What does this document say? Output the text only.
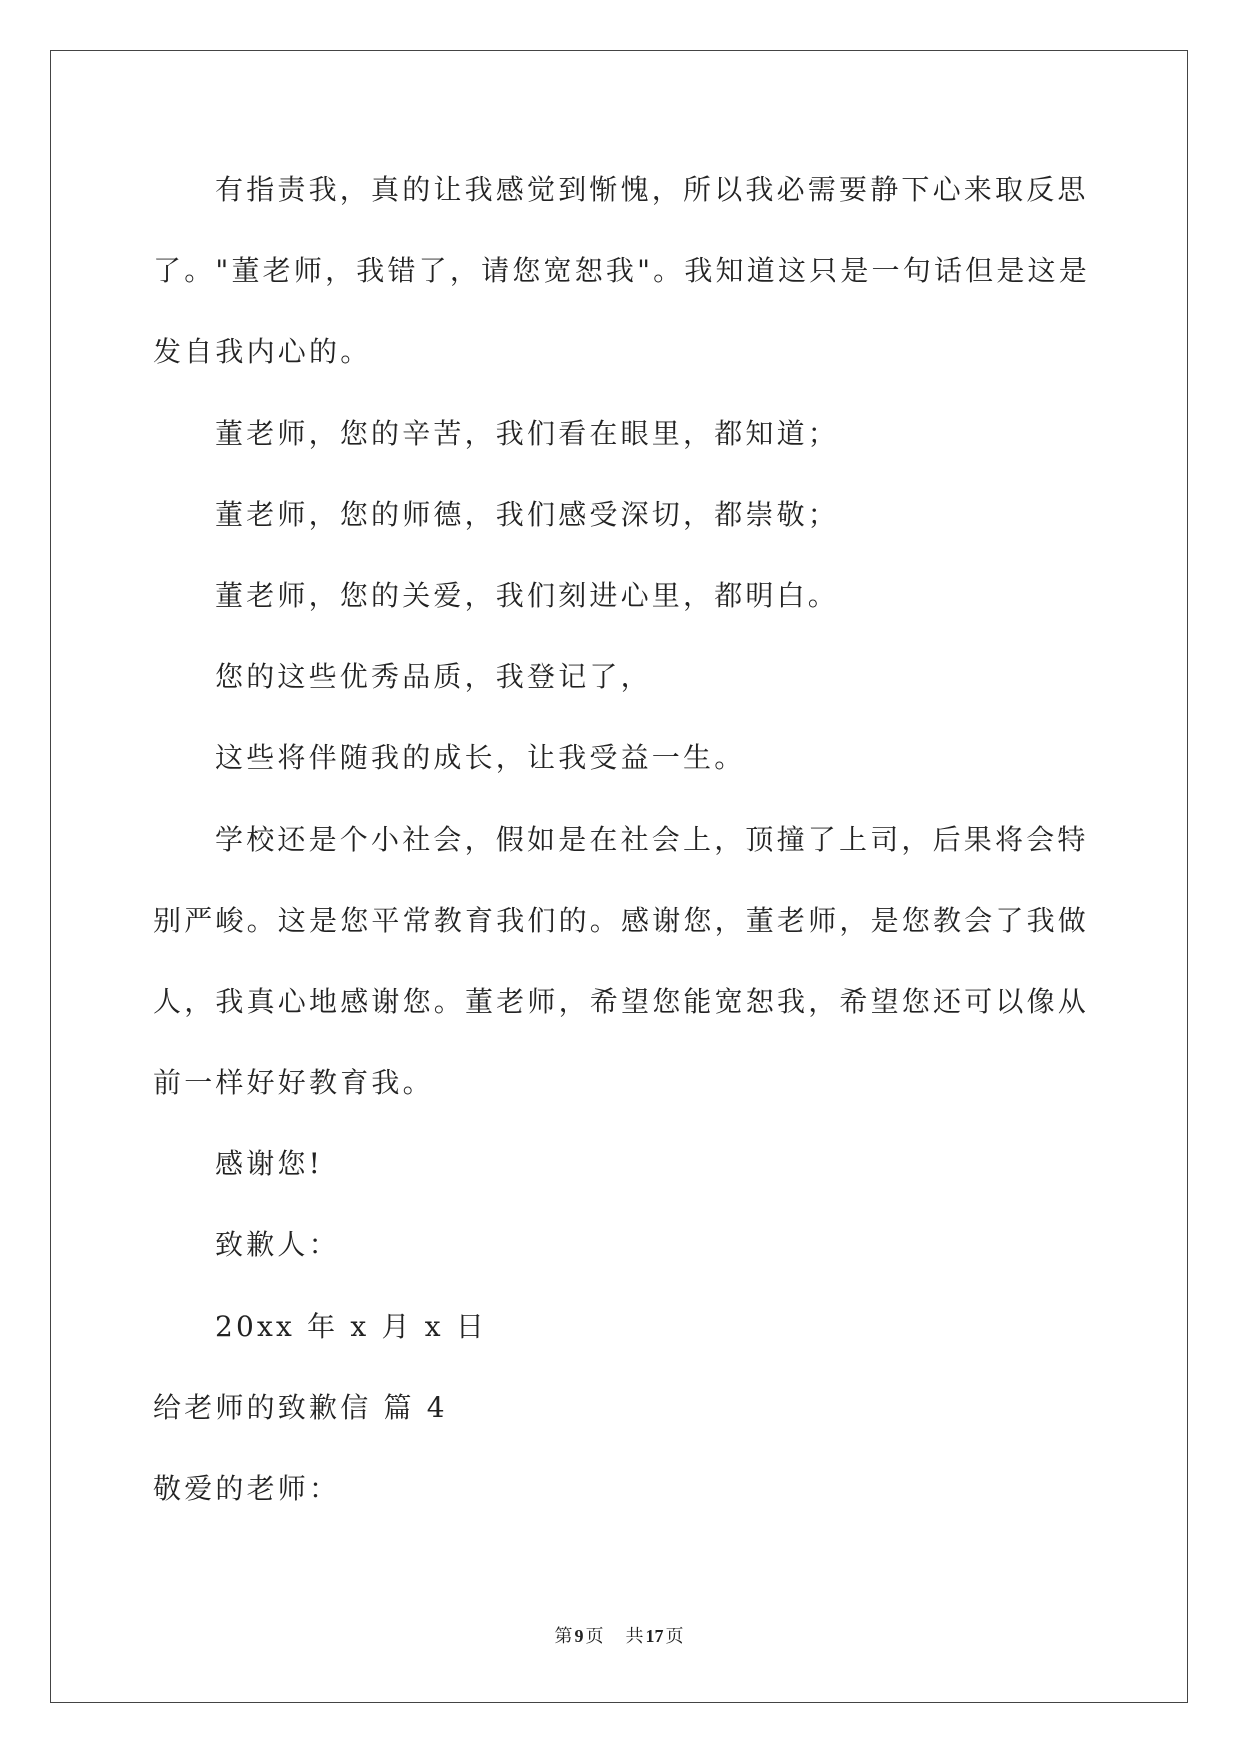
有指责我，真的让我感觉到惭愧，所以我必需要静下心来取反思
了。"董老师，我错了，请您宽恕我"。我知道这只是一句话但是这是
发自我内心的。
董老师，您的辛苦，我们看在眼里，都知道；
董老师，您的师德，我们感受深切，都崇敬；
董老师，您的关爱，我们刻进心里，都明白。
您的这些优秀品质，我登记了，
这些将伴随我的成长，让我受益一生。
学校还是个小社会，假如是在社会上，顶撞了上司，后果将会特
别严峻。这是您平常教育我们的。感谢您，董老师，是您教会了我做
人，我真心地感谢您。董老师，希望您能宽恕我，希望您还可以像从
前一样好好教育我。
感谢您!
致歉人：
20xx 年 x 月 x 日
给老师的致歉信 篇 4
敬爱的老师：
第 9 页 共 17 页
